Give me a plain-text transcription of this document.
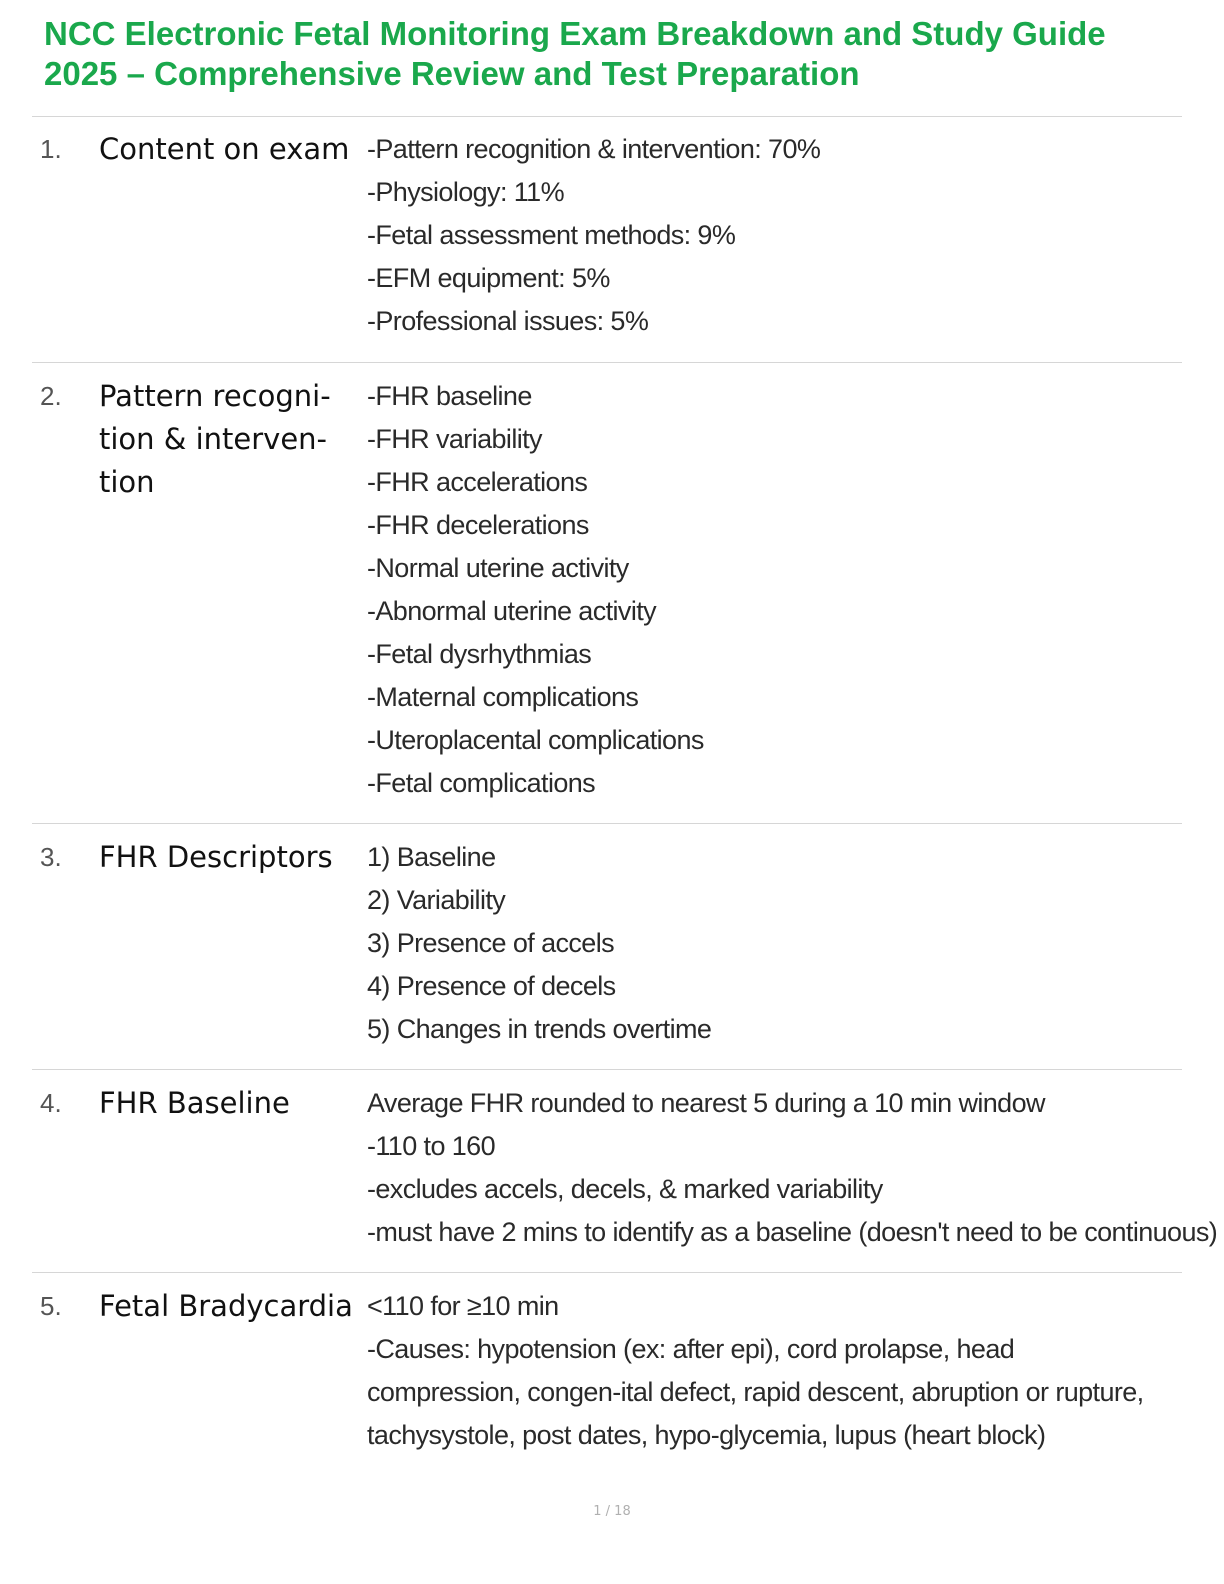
NCC Electronic Fetal Monitoring Exam Breakdown and Study Guide
2025 – Comprehensive Review and Test Preparation
1. Content on exam -Pattern recognition & intervention: 70%
-Physiology: 11%
-Fetal assessment methods: 9%
-EFM equipment: 5%
-Professional issues: 5%
2. Pattern recogni-
tion & interven-
tion
-FHR baseline
-FHR variability
-FHR accelerations
-FHR decelerations
-Normal uterine activity
-Abnormal uterine activity
-Fetal dysrhythmias
-Maternal complications
-Uteroplacental complications
-Fetal complications
3. FHR Descriptors	1) Baseline
2) Variability
3) Presence of accels
4) Presence of decels
5) Changes in trends overtime
4. FHR Baseline	Average FHR rounded to nearest 5 during a 10 min window
-110 to 160
-excludes accels, decels, & marked variability
-must have 2 mins to identify as a baseline (doesn't need to be continuous)
5. Fetal Bradycardia <110 for ≥10 min
-Causes: hypotension (ex: after epi), cord prolapse, head compression, congen-ital defect, rapid descent, abruption or rupture, tachysystole, post dates, hypo-glycemia, lupus (heart block)
1 / 18
